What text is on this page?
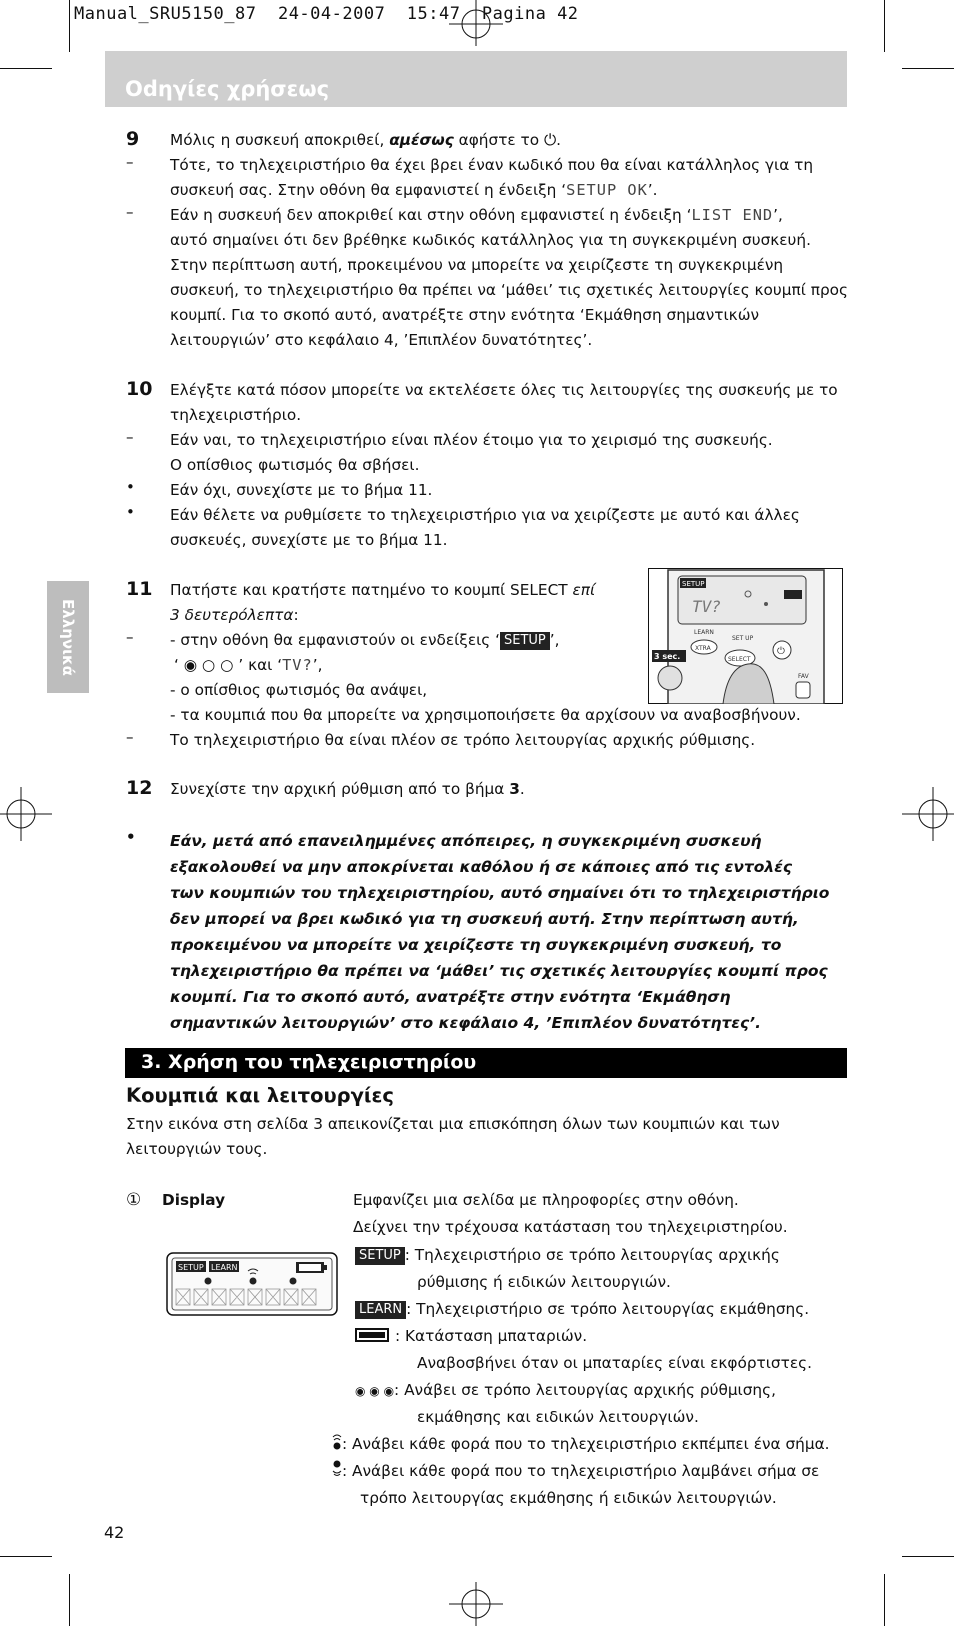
Manual_SRU5150_87  24-04-2007  15:47  Pagina 42
Odηγίες χρήσεως
Ελληνικά
9 Μόλις η συσκευή αποκριθεί, αμέσως αφήστε το ⏻.
– Τότε, το τηλεχειριστήριο θα έχει βρει έναν κωδικό που θα είναι κατάλληλος για τη
συσκευή σας. Στην οθόνη θα εμφανιστεί η ένδειξη ‘SETUP OK’.
– Εάν η συσκευή δεν αποκριθεί και στην οθόνη εμφανιστεί η ένδειξη ‘LIST END’,
αυτό σημαίνει ότι δεν βρέθηκε κωδικός κατάλληλος για τη συγκεκριμένη συσκευή.
Στην περίπτωση αυτή, προκειμένου να μπορείτε να χειρίζεστε τη συγκεκριμένη
συσκευή, το τηλεχειριστήριο θα πρέπει να ‘μάθει’ τις σχετικές λειτουργίες κουμπί προς
κουμπί. Για το σκοπό αυτό, ανατρέξτε στην ενότητα ‘Εκμάθηση σημαντικών
λειτουργιών’ στο κεφάλαιο 4, ’Επιπλέον δυνατότητες’.
10 Ελέγξτε κατά πόσον μπορείτε να εκτελέσετε όλες τις λειτουργίες της συσκευής με το
τηλεχειριστήριο.
– Εάν ναι, το τηλεχειριστήριο είναι πλέον έτοιμο για το χειρισμό της συσκευής.
Ο οπίσθιος φωτισμός θα σβήσει.
• Εάν όχι, συνεχίστε με το βήμα 11.
• Εάν θέλετε να ρυθμίσετε το τηλεχειριστήριο για να χειρίζεστε με αυτό και άλλες
συσκευές, συνεχίστε με το βήμα 11.
11 Πατήστε και κρατήστε πατημένο το κουμπί SELECT επί
3 δευτερόλεπτα:
– - στην οθόνη θα εμφανιστούν οι ενδείξεις ‘ SETUP ’,
‘ ◉ ○ ○ ’ και ‘TV?’,
- ο οπίσθιος φωτισμός θα ανάψει,
- τα κουμπιά που θα μπορείτε να χρησιμοποιήσετε θα αρχίσουν να αναβοσβήνουν.
– Το τηλεχειριστήριο θα είναι πλέον σε τρόπο λειτουργίας αρχικής ρύθμισης.
SETUP
TV?
LEARN
XTRA
SET UP
SELECT
⏻
3 sec.
FAV
12 Συνεχίστε την αρχική ρύθμιση από το βήμα 3.
• Εάν, μετά από επανειλημμένες απόπειρες, η συγκεκριμένη συσκευή
εξακολουθεί να μην αποκρίνεται καθόλου ή σε κάποιες από τις εντολές
των κουμπιών του τηλεχειριστηρίου, αυτό σημαίνει ότι το τηλεχειριστήριο
δεν μπορεί να βρει κωδικό για τη συσκευή αυτή. Στην περίπτωση αυτή,
προκειμένου να μπορείτε να χειρίζεστε τη συγκεκριμένη συσκευή, το
τηλεχειριστήριο θα πρέπει να ‘μάθει’ τις σχετικές λειτουργίες κουμπί προς
κουμπί. Για το σκοπό αυτό, ανατρέξτε στην ενότητα ‘Εκμάθηση
σημαντικών λειτουργιών’ στο κεφάλαιο 4, ’Επιπλέον δυνατότητες’.
3. Χρήση του τηλεχειριστηρίου
Κουμπιά και λειτουργίες
Στην εικόνα στη σελίδα 3 απεικονίζεται μια επισκόπηση όλων των κουμπιών και των
λειτουργιών τους.
① Display
SETUP LEARN
Εμφανίζει μια σελίδα με πληροφορίες στην οθόνη.
Δείχνει την τρέχουσα κατάσταση του τηλεχειριστηρίου.
SETUP : Τηλεχειριστήριο σε τρόπο λειτουργίας αρχικής
ρύθμισης ή ειδικών λειτουργιών.
LEARN : Τηλεχειριστήριο σε τρόπο λειτουργίας εκμάθησης.
: Κατάσταση μπαταριών.
Αναβοσβήνει όταν οι μπαταρίες είναι εκφόρτιστες.
◉ ◉ ◉: Ανάβει σε τρόπο λειτουργίας αρχικής ρύθμισης,
εκμάθησης και ειδικών λειτουργιών.
: Ανάβει κάθε φορά που το τηλεχειριστήριο εκπέμπει ένα σήμα.
: Ανάβει κάθε φορά που το τηλεχειριστήριο λαμβάνει σήμα σε
τρόπο λειτουργίας εκμάθησης ή ειδικών λειτουργιών.
42
